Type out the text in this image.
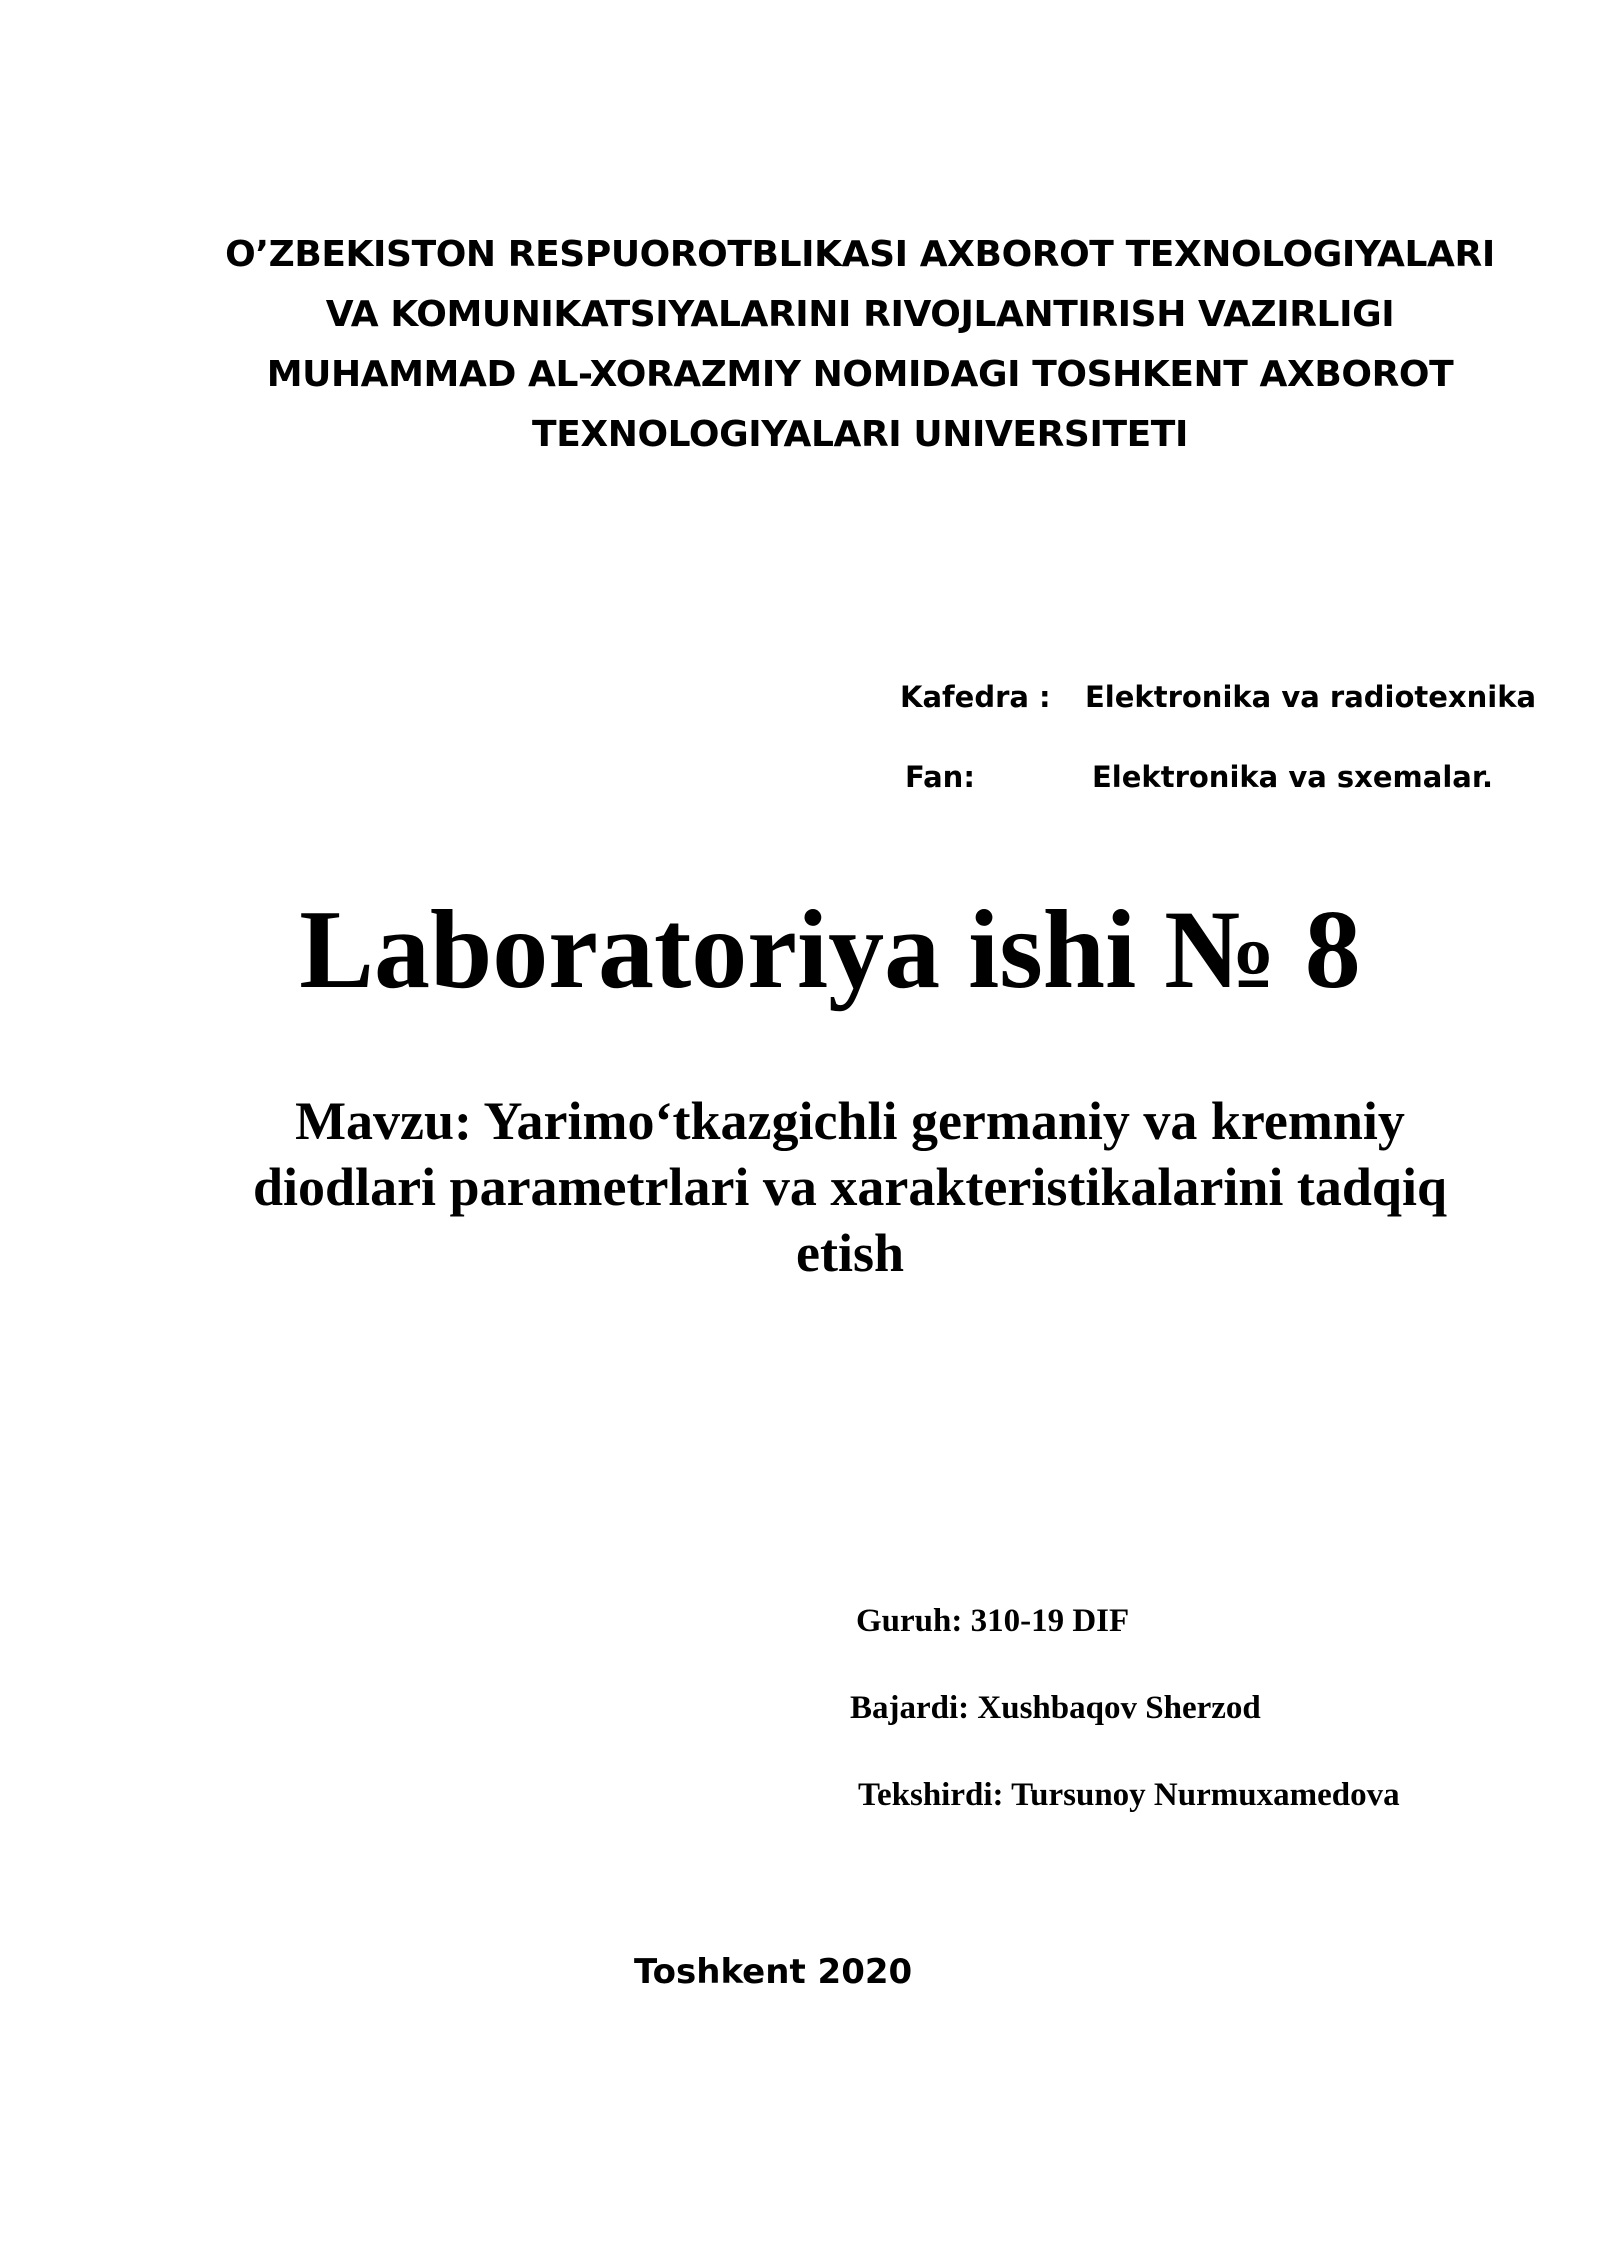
O’ZBEKISTON RESPUOROTBLIKASI AXBOROT TEXNOLOGIYALARI
VA KOMUNIKATSIYALARINI RIVOJLANTIRISH VAZIRLIGI
MUHAMMAD AL-XORAZMIY NOMIDAGI TOSHKENT AXBOROT
TEXNOLOGIYALARI UNIVERSITETI
Kafedra : Elektronika va radiotexnika
Fan:	Elektronika va sxemalar.
Laboratoriya ishi № 8
Mavzu: Yarimo‘tkazgichli germaniy va kremniy
diodlari parametrlari va xarakteristikalarini tadqiq
etish
Guruh: 310-19 DIF
Bajardi: Xushbaqov Sherzod
Tekshirdi: Tursunoy Nurmuxamedova
Toshkent 2020
